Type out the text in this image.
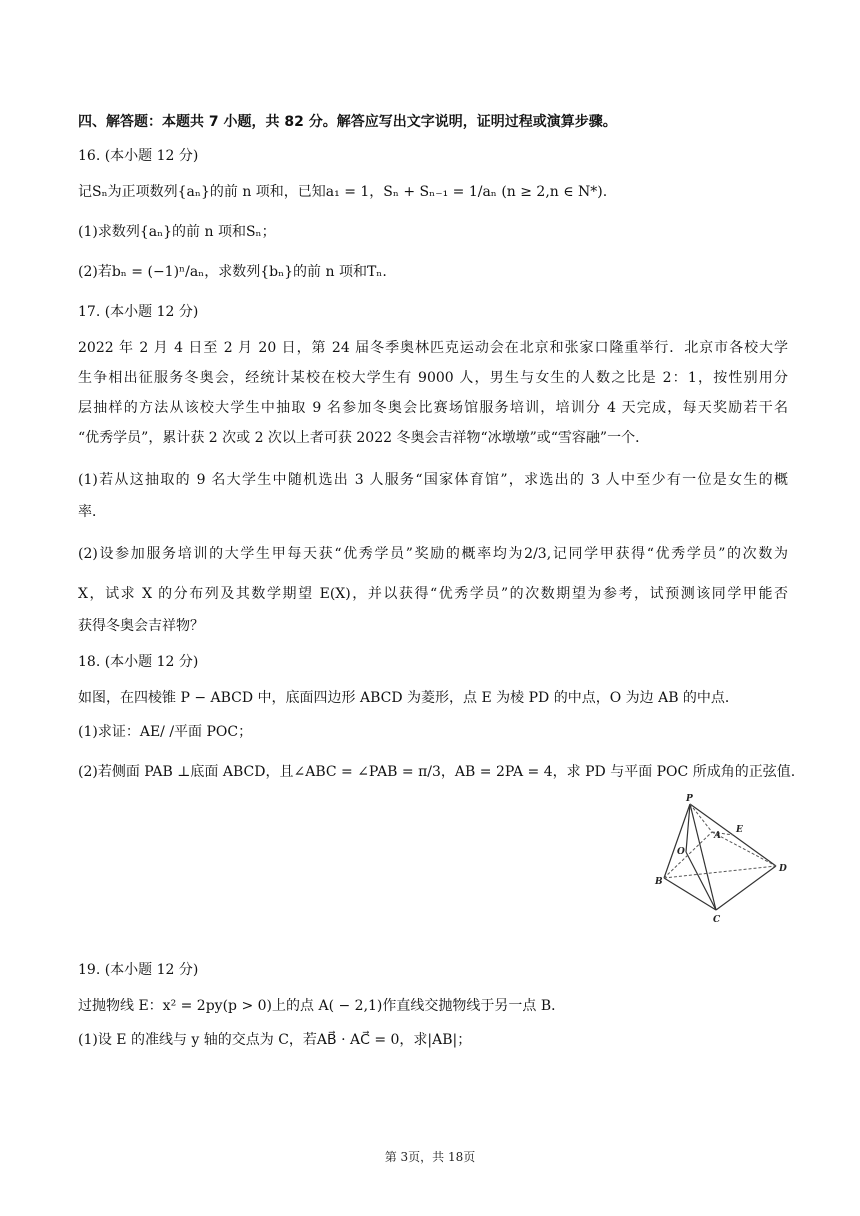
四、解答题：本题共 7 小题，共 82 分。解答应写出文字说明，证明过程或演算步骤。
16. (本小题 12 分)
记Sₙ为正项数列{aₙ}的前 n 项和，已知a₁ = 1，Sₙ + Sₙ₋₁ = 1/aₙ (n ≥ 2,n ∈ N*).
(1)求数列{aₙ}的前 n 项和Sₙ；
(2)若bₙ = (−1)ⁿ/aₙ，求数列{bₙ}的前 n 项和Tₙ.
17. (本小题 12 分)
2022 年 2 月 4 日至 2 月 20 日，第 24 届冬季奥林匹克运动会在北京和张家口隆重举行．北京市各校大学
生争相出征服务冬奥会，经统计某校在校大学生有 9000 人，男生与女生的人数之比是 2：1，按性别用分
层抽样的方法从该校大学生中抽取 9 名参加冬奥会比赛场馆服务培训，培训分 4 天完成，每天奖励若干名
“优秀学员”，累计获 2 次或 2 次以上者可获 2022 冬奥会吉祥物“冰墩墩”或“雪容融”一个．
(1)若从这抽取的 9 名大学生中随机选出 3 人服务“国家体育馆”，求选出的 3 人中至少有一位是女生的概
率．
(2)设参加服务培训的大学生甲每天获“优秀学员”奖励的概率均为2/3,记同学甲获得“优秀学员”的次数为
X，试求 X 的分布列及其数学期望 E(X)，并以获得“优秀学员”的次数期望为参考，试预测该同学甲能否
获得冬奥会吉祥物？
18. (本小题 12 分)
如图，在四棱锥 P − ABCD 中，底面四边形 ABCD 为菱形，点 E 为棱 PD 的中点，O 为边 AB 的中点．
(1)求证：AE/ /平面 POC；
(2)若侧面 PAB ⊥底面 ABCD，且∠ABC = ∠PAB = π/3，AB = 2PA = 4，求 PD 与平面 POC 所成角的正弦值.
P
A
E
O
D
B
C
19. (本小题 12 分)
过抛物线 E：x² = 2py(p > 0)上的点 A( − 2,1)作直线交抛物线于另一点 B．
(1)设 E 的准线与 y 轴的交点为 C，若AB⃗ · AC⃗ = 0，求|AB|；
第 3页，共 18页
